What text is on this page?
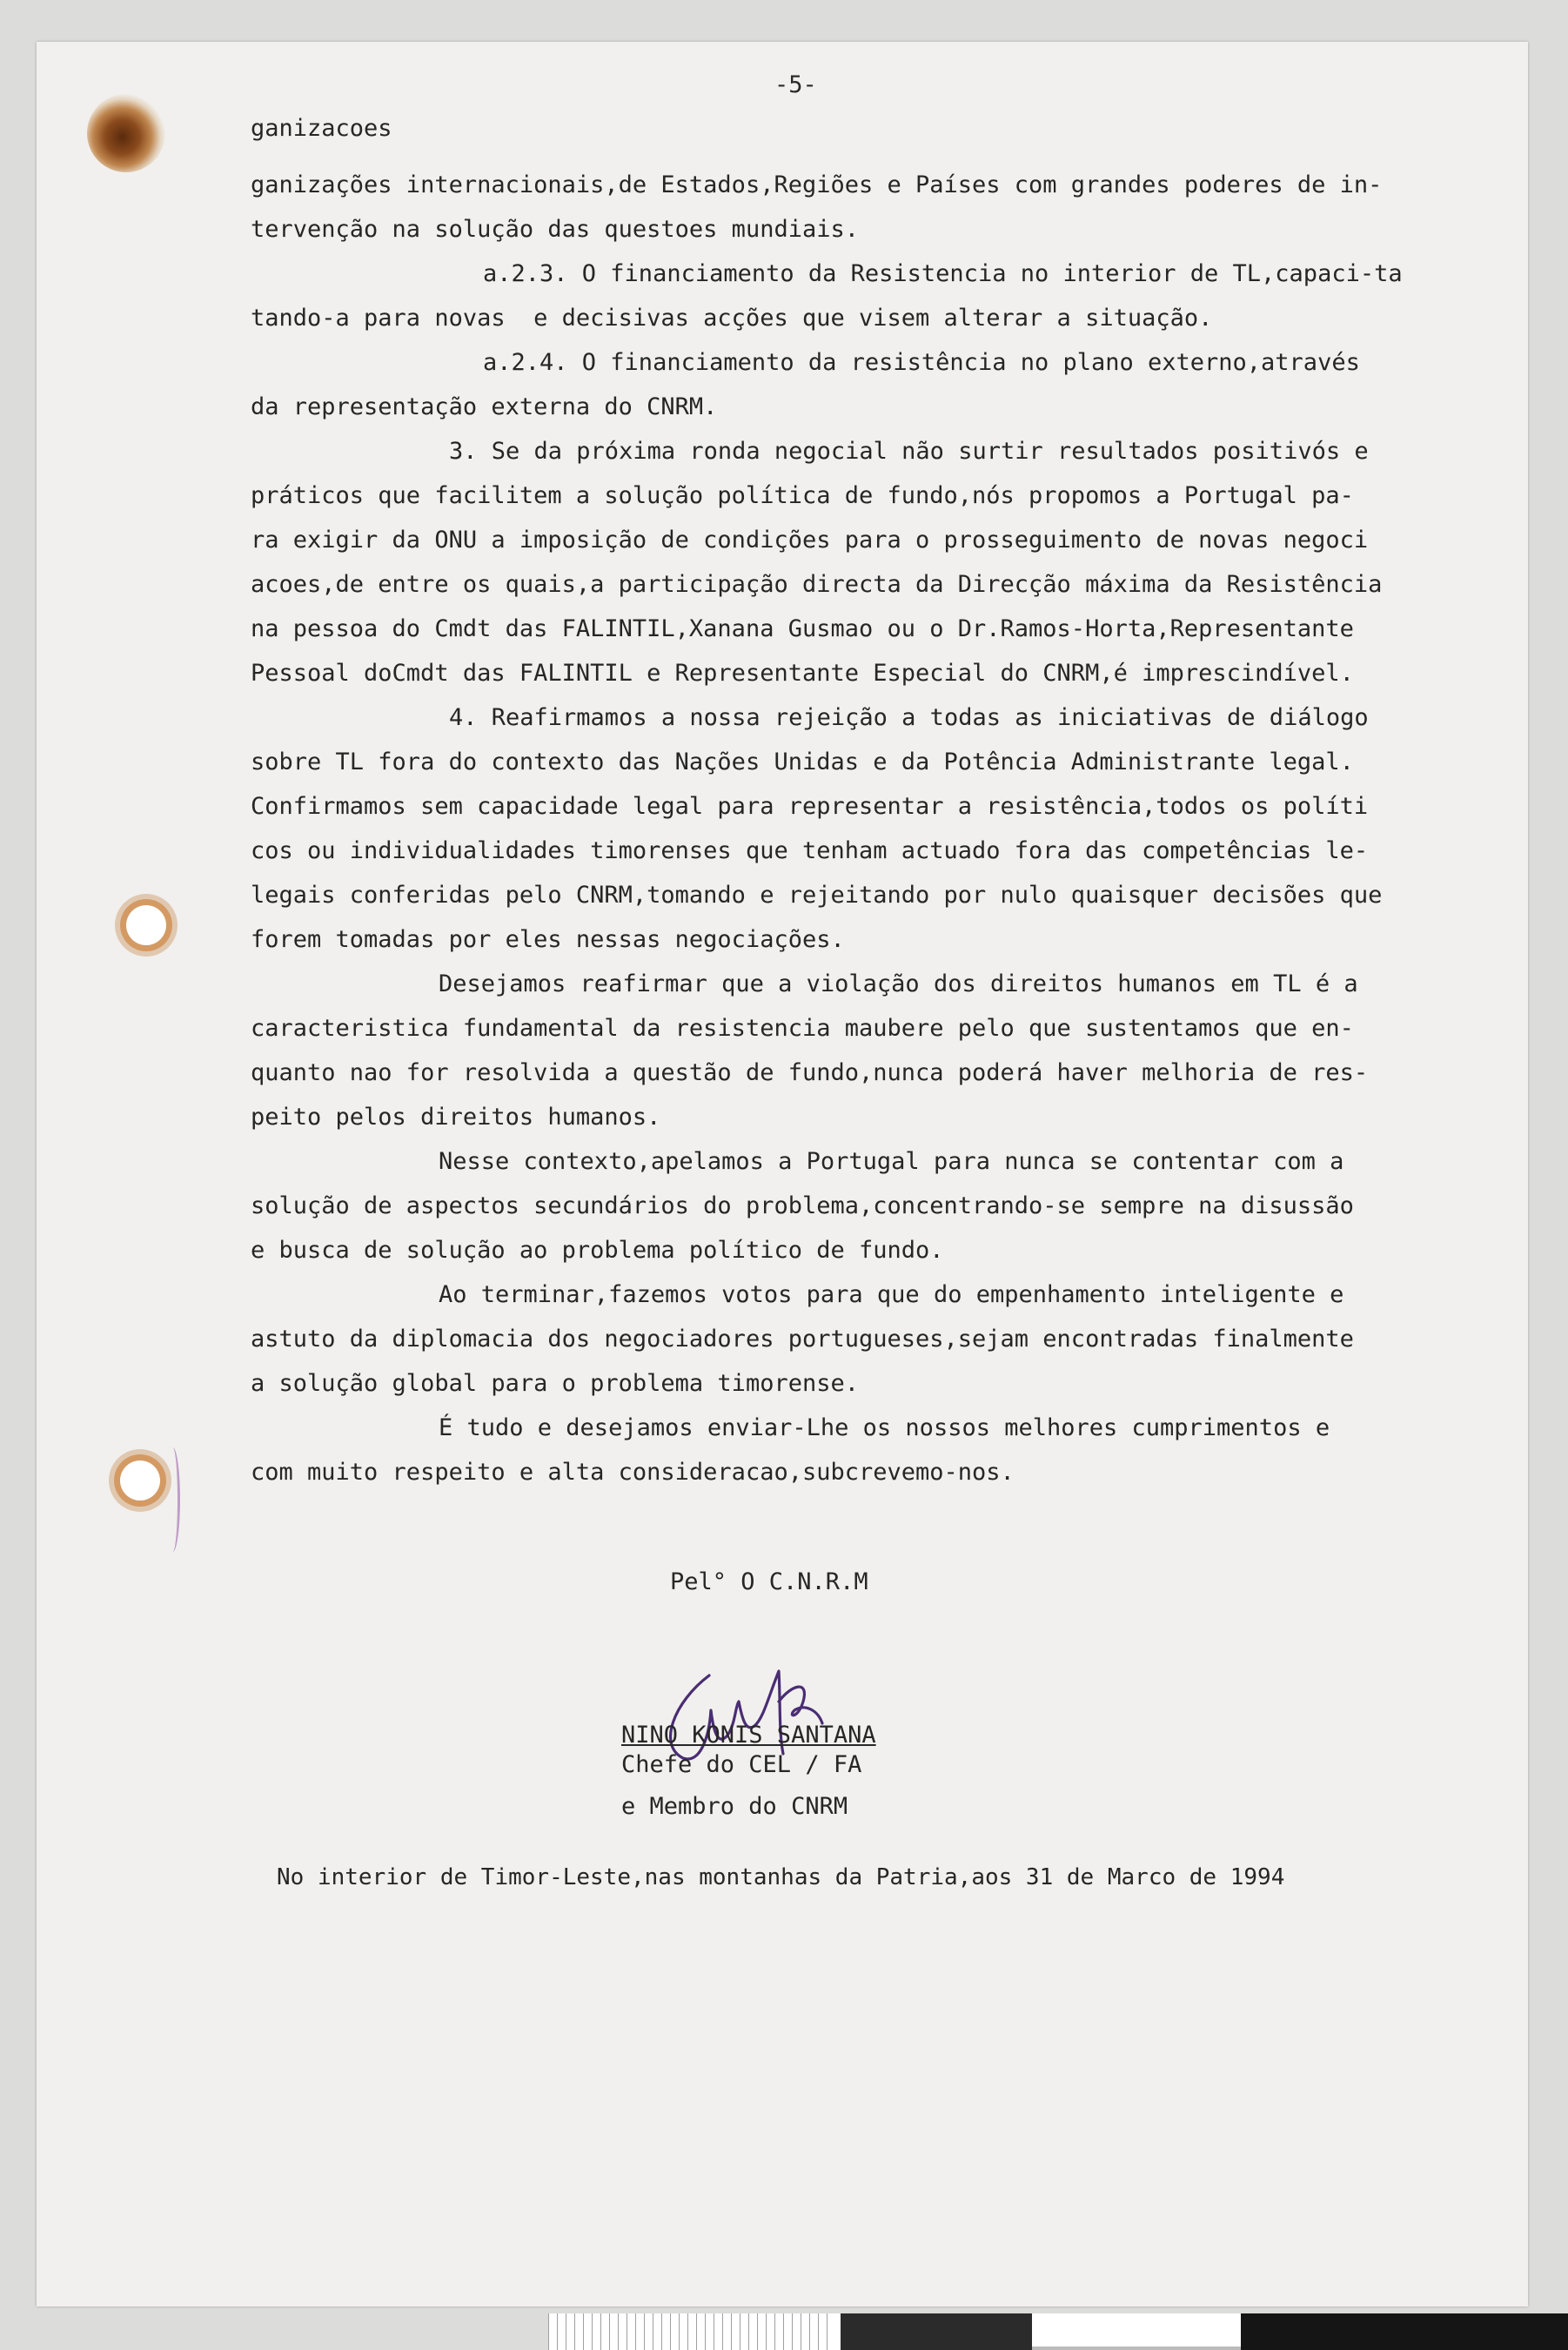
-5-
ganizacoes
ganizações internacionais,de Estados,Regiões e Países com grandes poderes de in-
tervenção na solução das questoes mundiais.
a.2.3. O financiamento da Resistencia no interior de TL,capaci-ta
tando-a para novas  e decisivas acções que visem alterar a situação.
a.2.4. O financiamento da resistência no plano externo,através
da representação externa do CNRM.
3. Se da próxima ronda negocial não surtir resultados positivós e
práticos que facilitem a solução política de fundo,nós propomos a Portugal pa-
ra exigir da ONU a imposição de condições para o prosseguimento de novas negoci
acoes,de entre os quais,a participação directa da Direcção máxima da Resistência
na pessoa do Cmdt das FALINTIL,Xanana Gusmao ou o Dr.Ramos-Horta,Representante
Pessoal doCmdt das FALINTIL e Representante Especial do CNRM,é imprescindível.
4. Reafirmamos a nossa rejeição a todas as iniciativas de diálogo
sobre TL fora do contexto das Nações Unidas e da Potência Administrante legal.
Confirmamos sem capacidade legal para representar a resistência,todos os políti
cos ou individualidades timorenses que tenham actuado fora das competências le-
legais conferidas pelo CNRM,tomando e rejeitando por nulo quaisquer decisões que
forem tomadas por eles nessas negociações.
Desejamos reafirmar que a violação dos direitos humanos em TL é a
caracteristica fundamental da resistencia maubere pelo que sustentamos que en-
quanto nao for resolvida a questão de fundo,nunca poderá haver melhoria de res-
peito pelos direitos humanos.
Nesse contexto,apelamos a Portugal para nunca se contentar com a
solução de aspectos secundários do problema,concentrando-se sempre na disussão
e busca de solução ao problema político de fundo.
Ao terminar,fazemos votos para que do empenhamento inteligente e
astuto da diplomacia dos negociadores portugueses,sejam encontradas finalmente
a solução global para o problema timorense.
É tudo e desejamos enviar-Lhe os nossos melhores cumprimentos e
com muito respeito e alta consideracao,subcrevemo-nos.
Pel° O C.N.R.M
NINO KONIS SANTANA
Chefe do CEL / FA
e Membro do CNRM
No interior de Timor-Leste,nas montanhas da Patria,aos 31 de Marco de 1994
